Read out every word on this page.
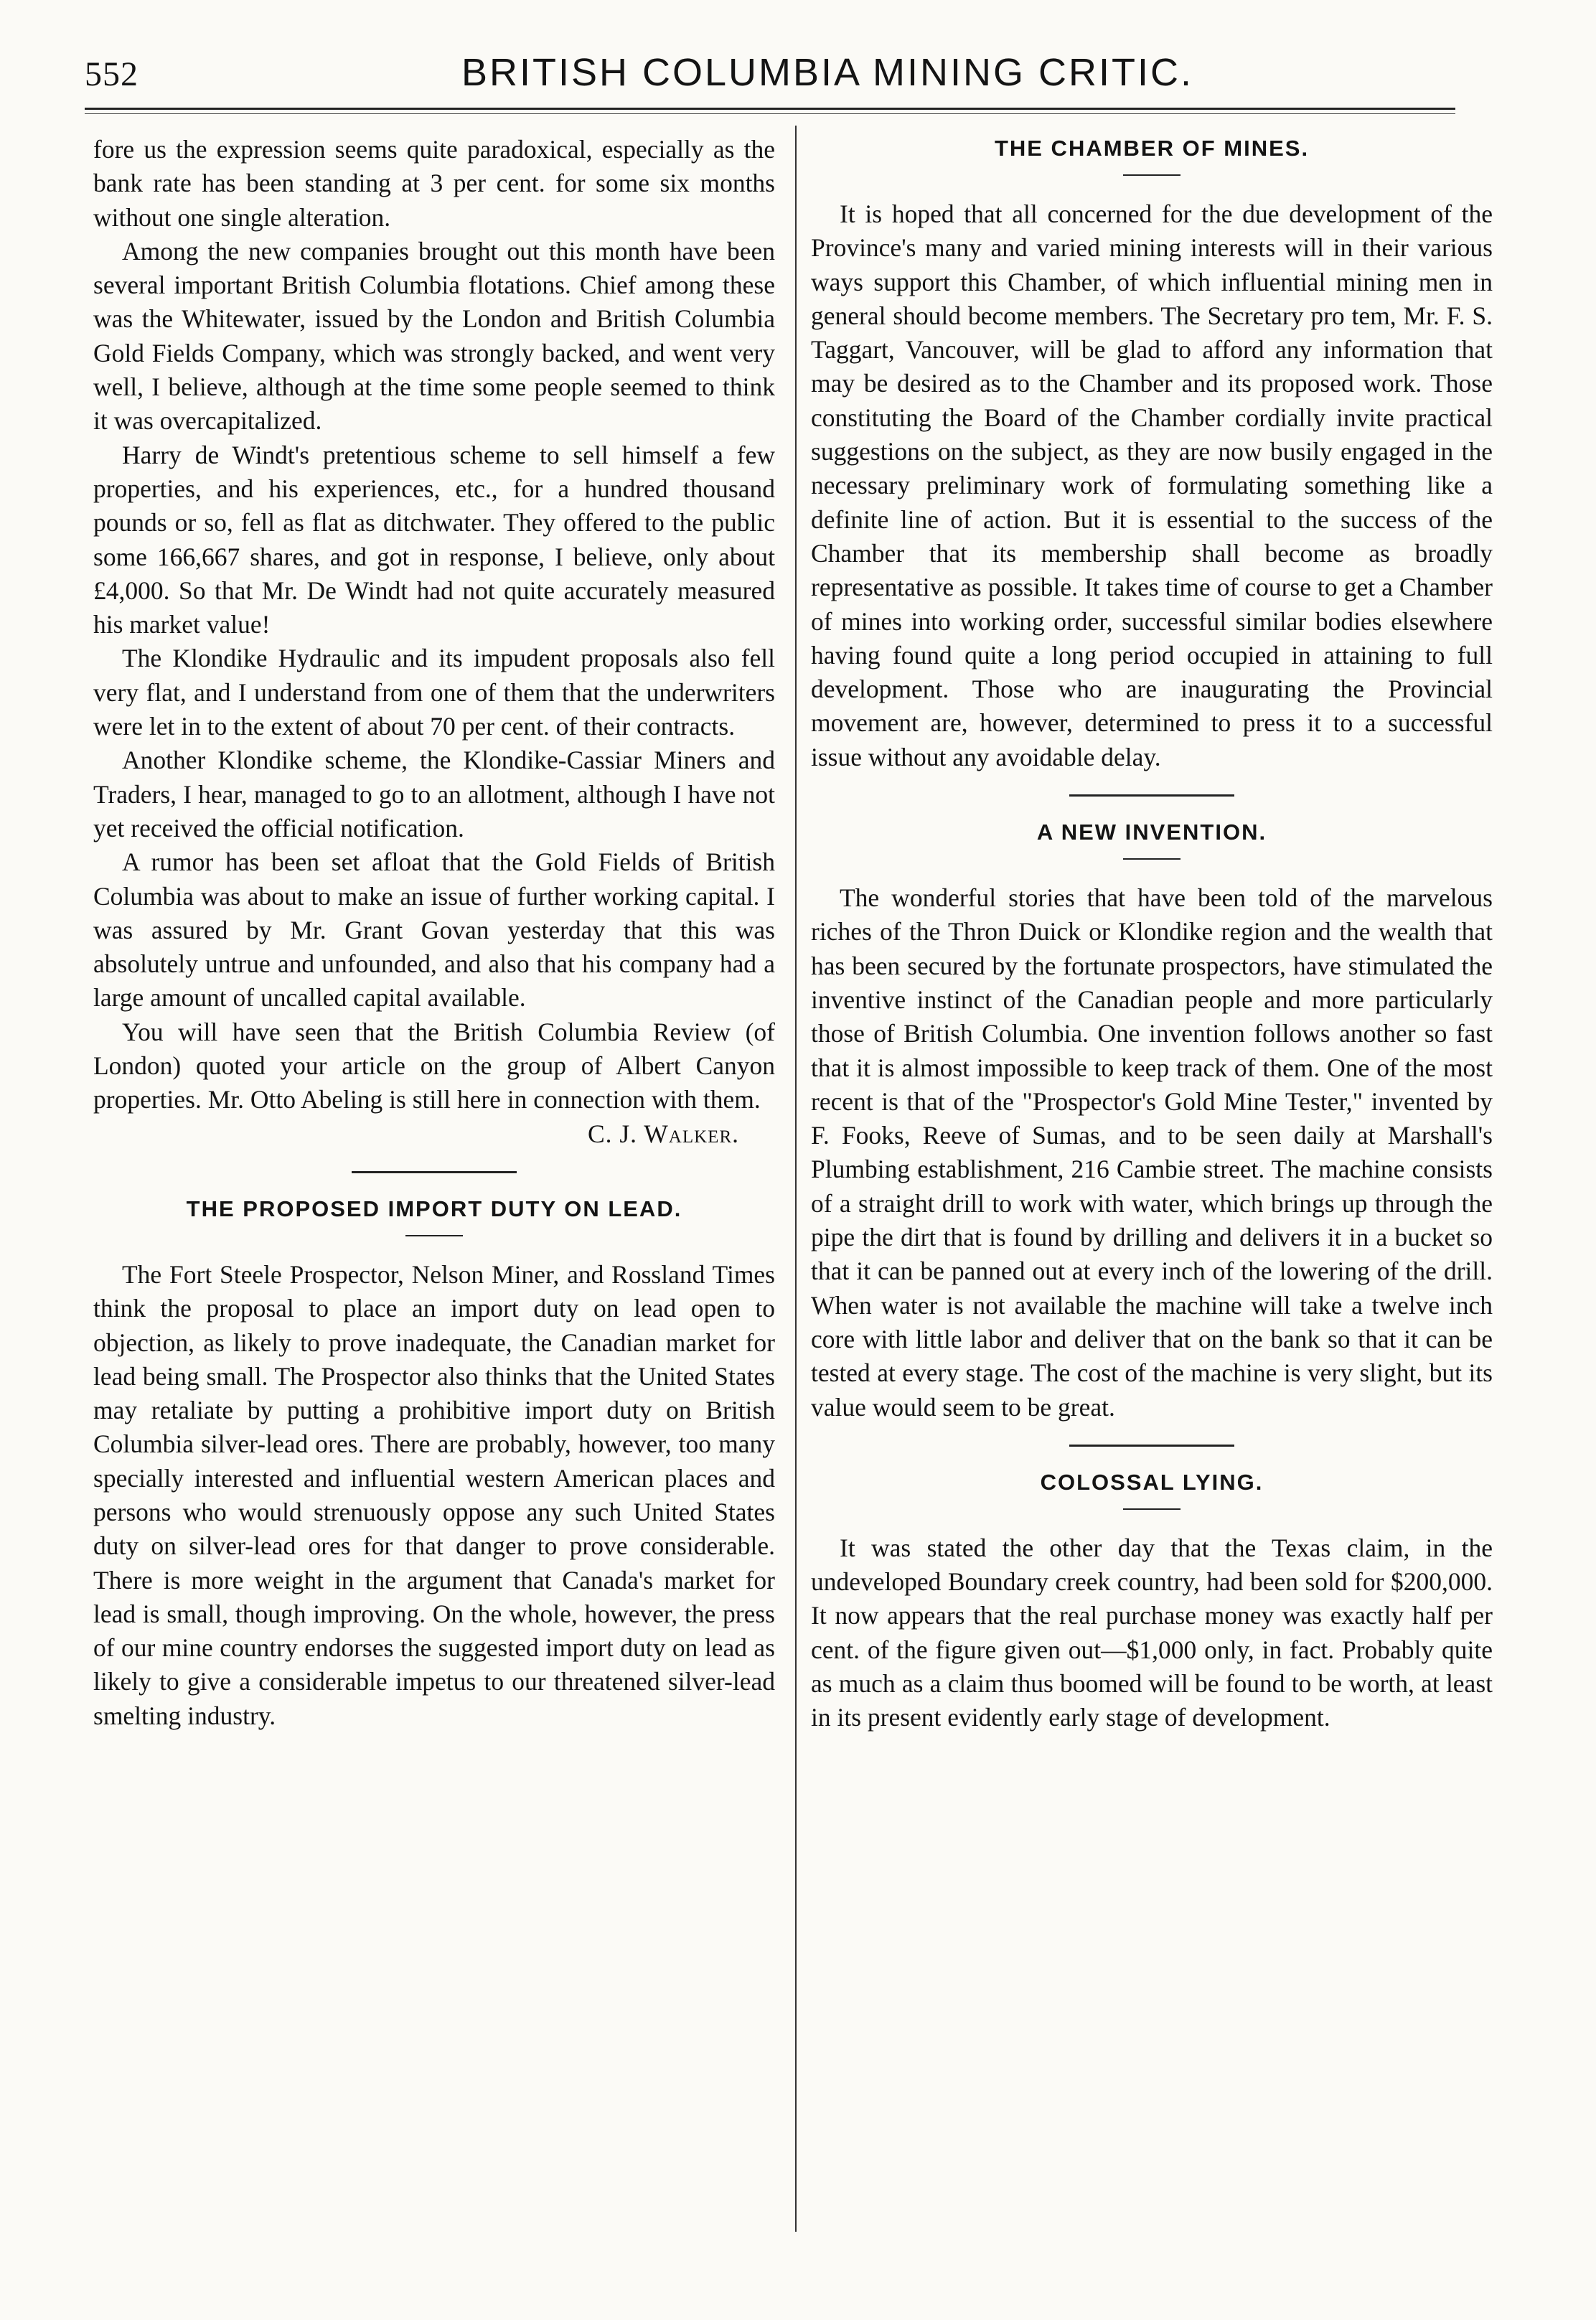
552	BRITISH COLUMBIA MINING CRITIC.

fore us the expression seems quite paradoxical, especially as the bank rate has been standing at 3 per cent. for some six months without one single alteration.

Among the new companies brought out this month have been several important British Columbia flotations. Chief among these was the Whitewater, issued by the London and British Columbia Gold Fields Company, which was strongly backed, and went very well, I believe, although at the time some people seemed to think it was overcapitalized.

Harry de Windt's pretentious scheme to sell himself a few properties, and his experiences, etc., for a hundred thousand pounds or so, fell as flat as ditchwater. They offered to the public some 166,667 shares, and got in response, I believe, only about £4,000. So that Mr. De Windt had not quite accurately measured his market value!

The Klondike Hydraulic and its impudent proposals also fell very flat, and I understand from one of them that the underwriters were let in to the extent of about 70 per cent. of their contracts.

Another Klondike scheme, the Klondike-Cassiar Miners and Traders, I hear, managed to go to an allotment, although I have not yet received the official notification.

A rumor has been set afloat that the Gold Fields of British Columbia was about to make an issue of further working capital. I was assured by Mr. Grant Govan yesterday that this was absolutely untrue and unfounded, and also that his company had a large amount of uncalled capital available.

You will have seen that the British Columbia Review (of London) quoted your article on the group of Albert Canyon properties. Mr. Otto Abeling is still here in connection with them.

C. J. Walker.
THE PROPOSED IMPORT DUTY ON LEAD.

The Fort Steele Prospector, Nelson Miner, and Rossland Times think the proposal to place an import duty on lead open to objection, as likely to prove inadequate, the Canadian market for lead being small. The Prospector also thinks that the United States may retaliate by putting a prohibitive import duty on British Columbia silver-lead ores. There are probably, however, too many specially interested and influential western American places and persons who would strenuously oppose any such United States duty on silver-lead ores for that danger to prove considerable. There is more weight in the argument that Canada's market for lead is small, though improving. On the whole, however, the press of our mine country endorses the suggested import duty on lead as likely to give a considerable impetus to our threatened silver-lead smelting industry.

THE CHAMBER OF MINES.

It is hoped that all concerned for the due development of the Province's many and varied mining interests will in their various ways support this Chamber, of which influential mining men in general should become members. The Secretary pro tem, Mr. F. S. Taggart, Vancouver, will be glad to afford any information that may be desired as to the Chamber and its proposed work. Those constituting the Board of the Chamber cordially invite practical suggestions on the subject, as they are now busily engaged in the necessary preliminary work of formulating something like a definite line of action. But it is essential to the success of the Chamber that its membership shall become as broadly representative as possible. It takes time of course to get a Chamber of mines into working order, successful similar bodies elsewhere having found quite a long period occupied in attaining to full development. Those who are inaugurating the Provincial movement are, however, determined to press it to a successful issue without any avoidable delay.

A NEW INVENTION.

The wonderful stories that have been told of the marvelous riches of the Thron Duick or Klondike region and the wealth that has been secured by the fortunate prospectors, have stimulated the inventive instinct of the Canadian people and more particularly those of British Columbia. One invention follows another so fast that it is almost impossible to keep track of them. One of the most recent is that of the "Prospector's Gold Mine Tester," invented by F. Fooks, Reeve of Sumas, and to be seen daily at Marshall's Plumbing establishment, 216 Cambie street. The machine consists of a straight drill to work with water, which brings up through the pipe the dirt that is found by drilling and delivers it in a bucket so that it can be panned out at every inch of the lowering of the drill. When water is not available the machine will take a twelve inch core with little labor and deliver that on the bank so that it can be tested at every stage. The cost of the machine is very slight, but its value would seem to be great.

COLOSSAL LYING.

It was stated the other day that the Texas claim, in the undeveloped Boundary creek country, had been sold for $200,000. It now appears that the real purchase money was exactly half per cent. of the figure given out—$1,000 only, in fact. Probably quite as much as a claim thus boomed will be found to be worth, at least in its present evidently early stage of development.
